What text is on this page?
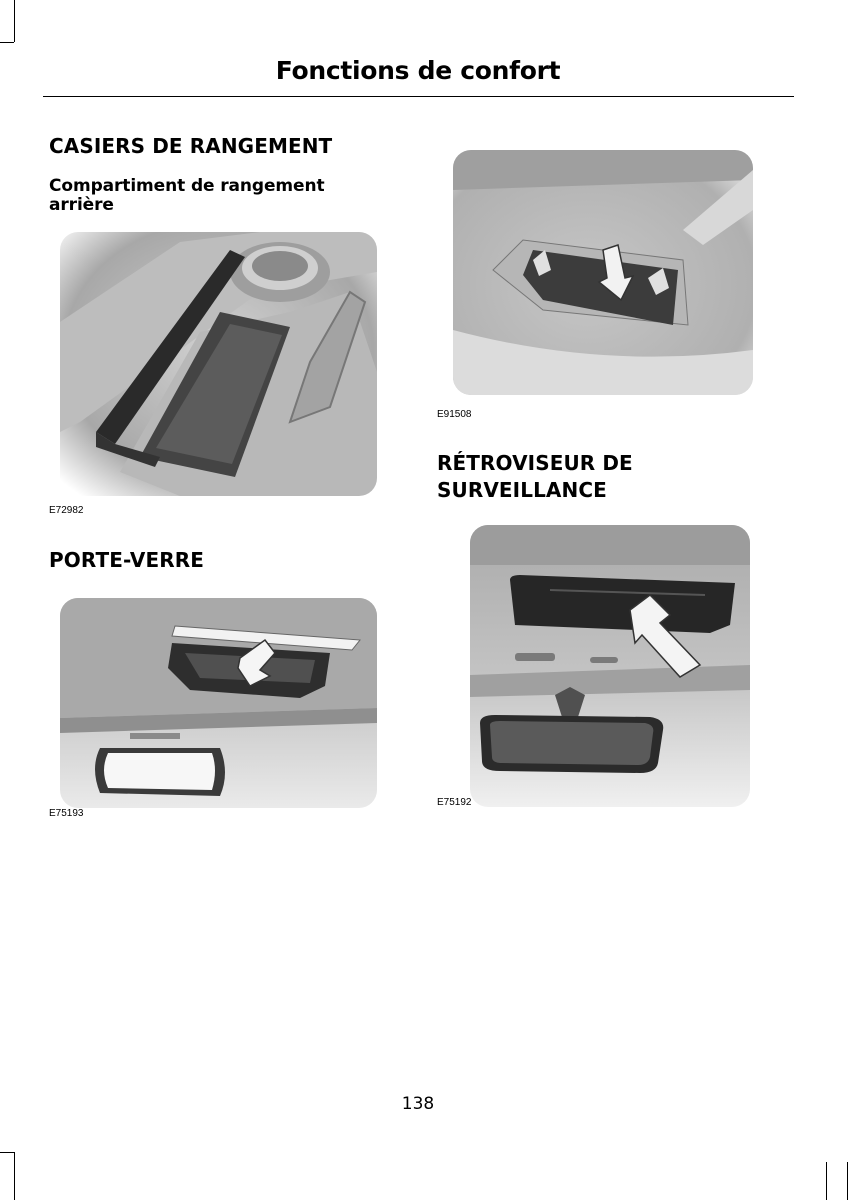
Fonctions de confort
CASIERS DE RANGEMENT
Compartiment de rangement arrière
E72982
PORTE-VERRE
E75193
E91508
RÉTROVISEUR DE SURVEILLANCE
E75192
138
